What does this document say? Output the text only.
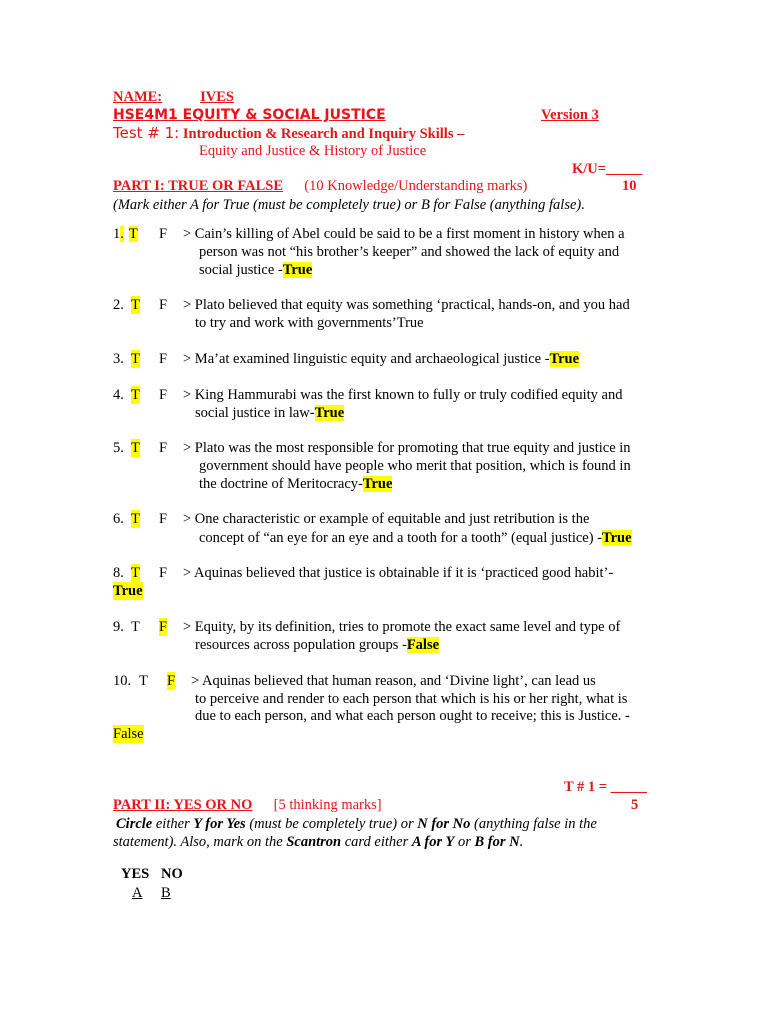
NAME:	IVES
HSE4M1 EQUITY & SOCIAL JUSTICE	Version 3
Test # 1: Introduction & Research and Inquiry Skills –
Equity and Justice & History of Justice
K/U=_____
PART I: TRUE OR FALSE (10 Knowledge/Understanding marks)	10
(Mark either A for True (must be completely true) or B for False (anything false).
1. T F > Cain’s killing of Abel could be said to be a first moment in history when a
person was not “his brother’s keeper” and showed the lack of equity and
social justice -True
2. T F > Plato believed that equity was something ‘practical, hands-on, and you had
to try and work with governments’True
3. T F > Ma’at examined linguistic equity and archaeological justice -True
4. T F > King Hammurabi was the first known to fully or truly codified equity and
social justice in law-True
5. T F > Plato was the most responsible for promoting that true equity and justice in
government should have people who merit that position, which is found in
the doctrine of Meritocracy-True
6. T F > One characteristic or example of equitable and just retribution is the
concept of “an eye for an eye and a tooth for a tooth” (equal justice) -True
8. T F > Aquinas believed that justice is obtainable if it is ‘practiced good habit’-
True
9. T F > Equity, by its definition, tries to promote the exact same level and type of
resources across population groups -False
10. T F > Aquinas believed that human reason, and ‘Divine light’, can lead us
to perceive and render to each person that which is his or her right, what is
due to each person, and what each person ought to receive; this is Justice. -
False
T # 1 = _____
PART II: YES OR NO [5 thinking marks]	5
Circle either Y for Yes (must be completely true) or N for No (anything false in the
statement). Also, mark on the Scantron card either A for Y or B for N.
YES NO
A B
